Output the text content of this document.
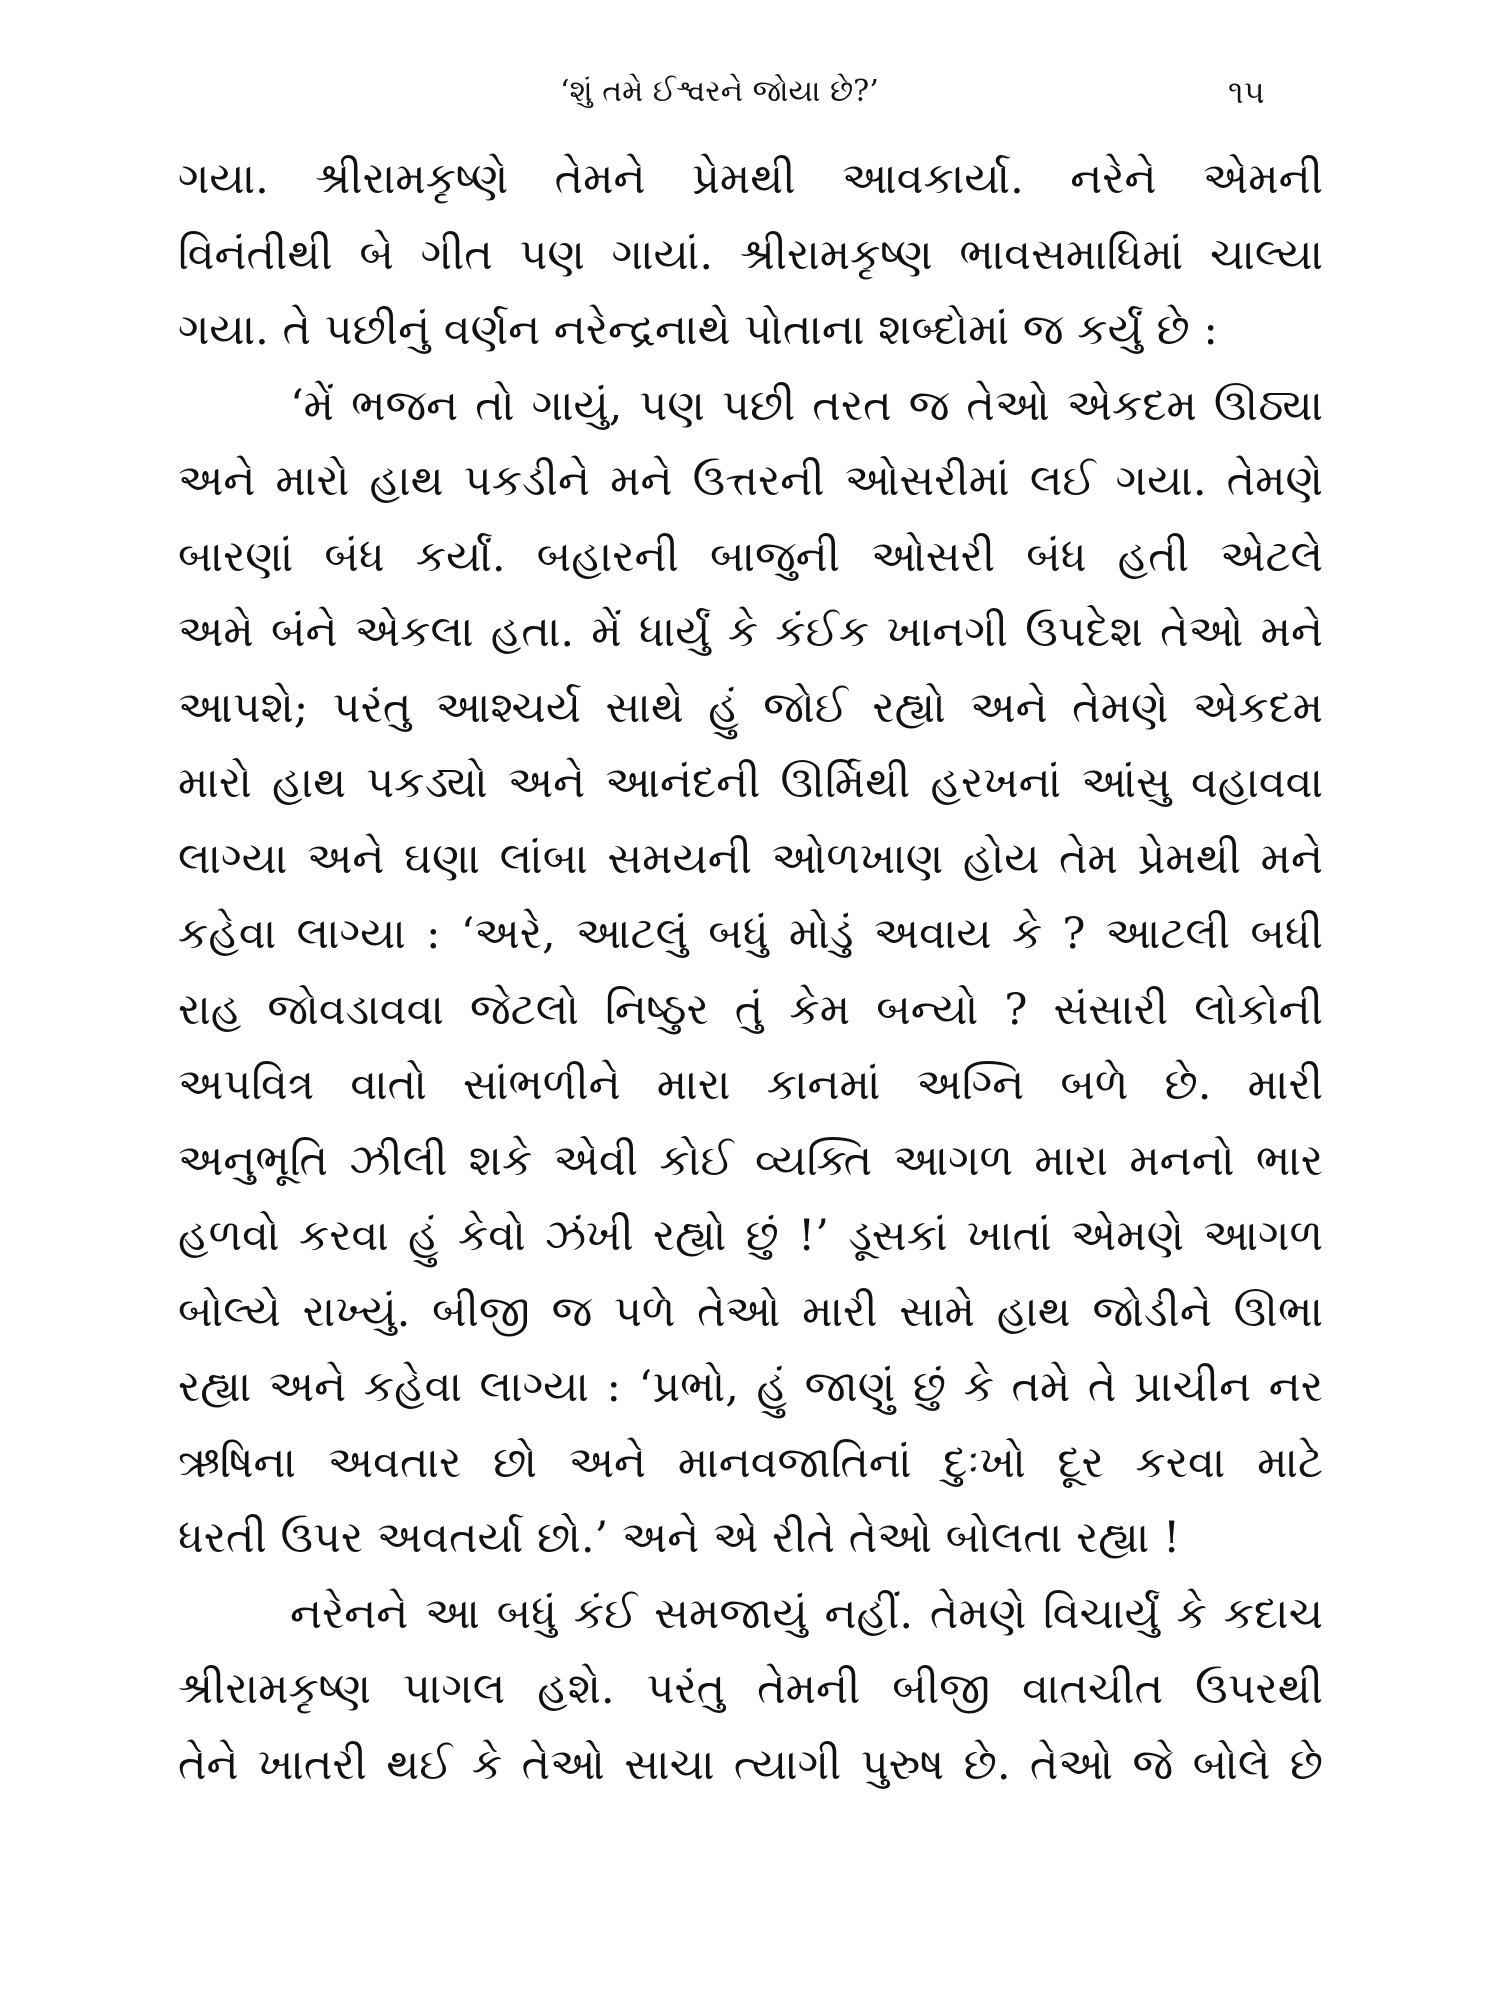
‘શું તમે ઈશ્વરને જોયા છે?’	૧૫
ગયા. શ્રીરામકૃષ્ણે તેમને પ્રેમથી આવકાર્યા. નરેને એમની
વિનંતીથી બે ગીત પણ ગાયાં. શ્રીરામકૃષ્ણ ભાવસમાધિમાં ચાલ્યા
ગયા. તે પછીનું વર્ણન નરેન્દ્રનાથે પોતાના શબ્દોમાં જ કર્યું છે :
‘મેં ભજન તો ગાયું, પણ પછી તરત જ તેઓ એકદમ ઊઠ્યા
અને મારો હાથ પકડીને મને ઉત્તરની ઓસરીમાં લઈ ગયા. તેમણે
બારણાં બંધ કર્યાં. બહારની બાજુની ઓસરી બંધ હતી એટલે
અમે બંને એકલા હતા. મેં ધાર્યું કે કંઈક ખાનગી ઉપદેશ તેઓ મને
આપશે; પરંતુ આશ્ચર્ય સાથે હું જોઈ રહ્યો અને તેમણે એકદમ
મારો હાથ પકડ્યો અને આનંદની ઊર્મિથી હરખનાં આંસુ વહાવવા
લાગ્યા અને ઘણા લાંબા સમયની ઓળખાણ હોય તેમ પ્રેમથી મને
કહેવા લાગ્યા : ‘અરે, આટલું બધું મોડું અવાય કે ? આટલી બધી
રાહ જોવડાવવા જેટલો નિષ્ઠુર તું કેમ બન્યો ? સંસારી લોકોની
અપવિત્ર વાતો સાંભળીને મારા કાનમાં અગ્નિ બળે છે. મારી
અનુભૂતિ ઝીલી શકે એવી કોઈ વ્યક્તિ આગળ મારા મનનો ભાર
હળવો કરવા હું કેવો ઝંખી રહ્યો છું !’ ડૂસકાં ખાતાં એમણે આગળ
બોલ્યે રાખ્યું. બીજી જ પળે તેઓ મારી સામે હાથ જોડીને ઊભા
રહ્યા અને કહેવા લાગ્યા : ‘પ્રભો, હું જાણું છું કે તમે તે પ્રાચીન નર
ઋષિના અવતાર છો અને માનવજાતિનાં દુઃખો દૂર કરવા માટે
ધરતી ઉપર અવતર્યા છો.’ અને એ રીતે તેઓ બોલતા રહ્યા !
નરેનને આ બધું કંઈ સમજાયું નહીં. તેમણે વિચાર્યું કે કદાચ
શ્રીરામકૃષ્ણ પાગલ હશે. પરંતુ તેમની બીજી વાતચીત ઉપરથી
તેને ખાતરી થઈ કે તેઓ સાચા ત્યાગી પુરુષ છે. તેઓ જે બોલે છે
